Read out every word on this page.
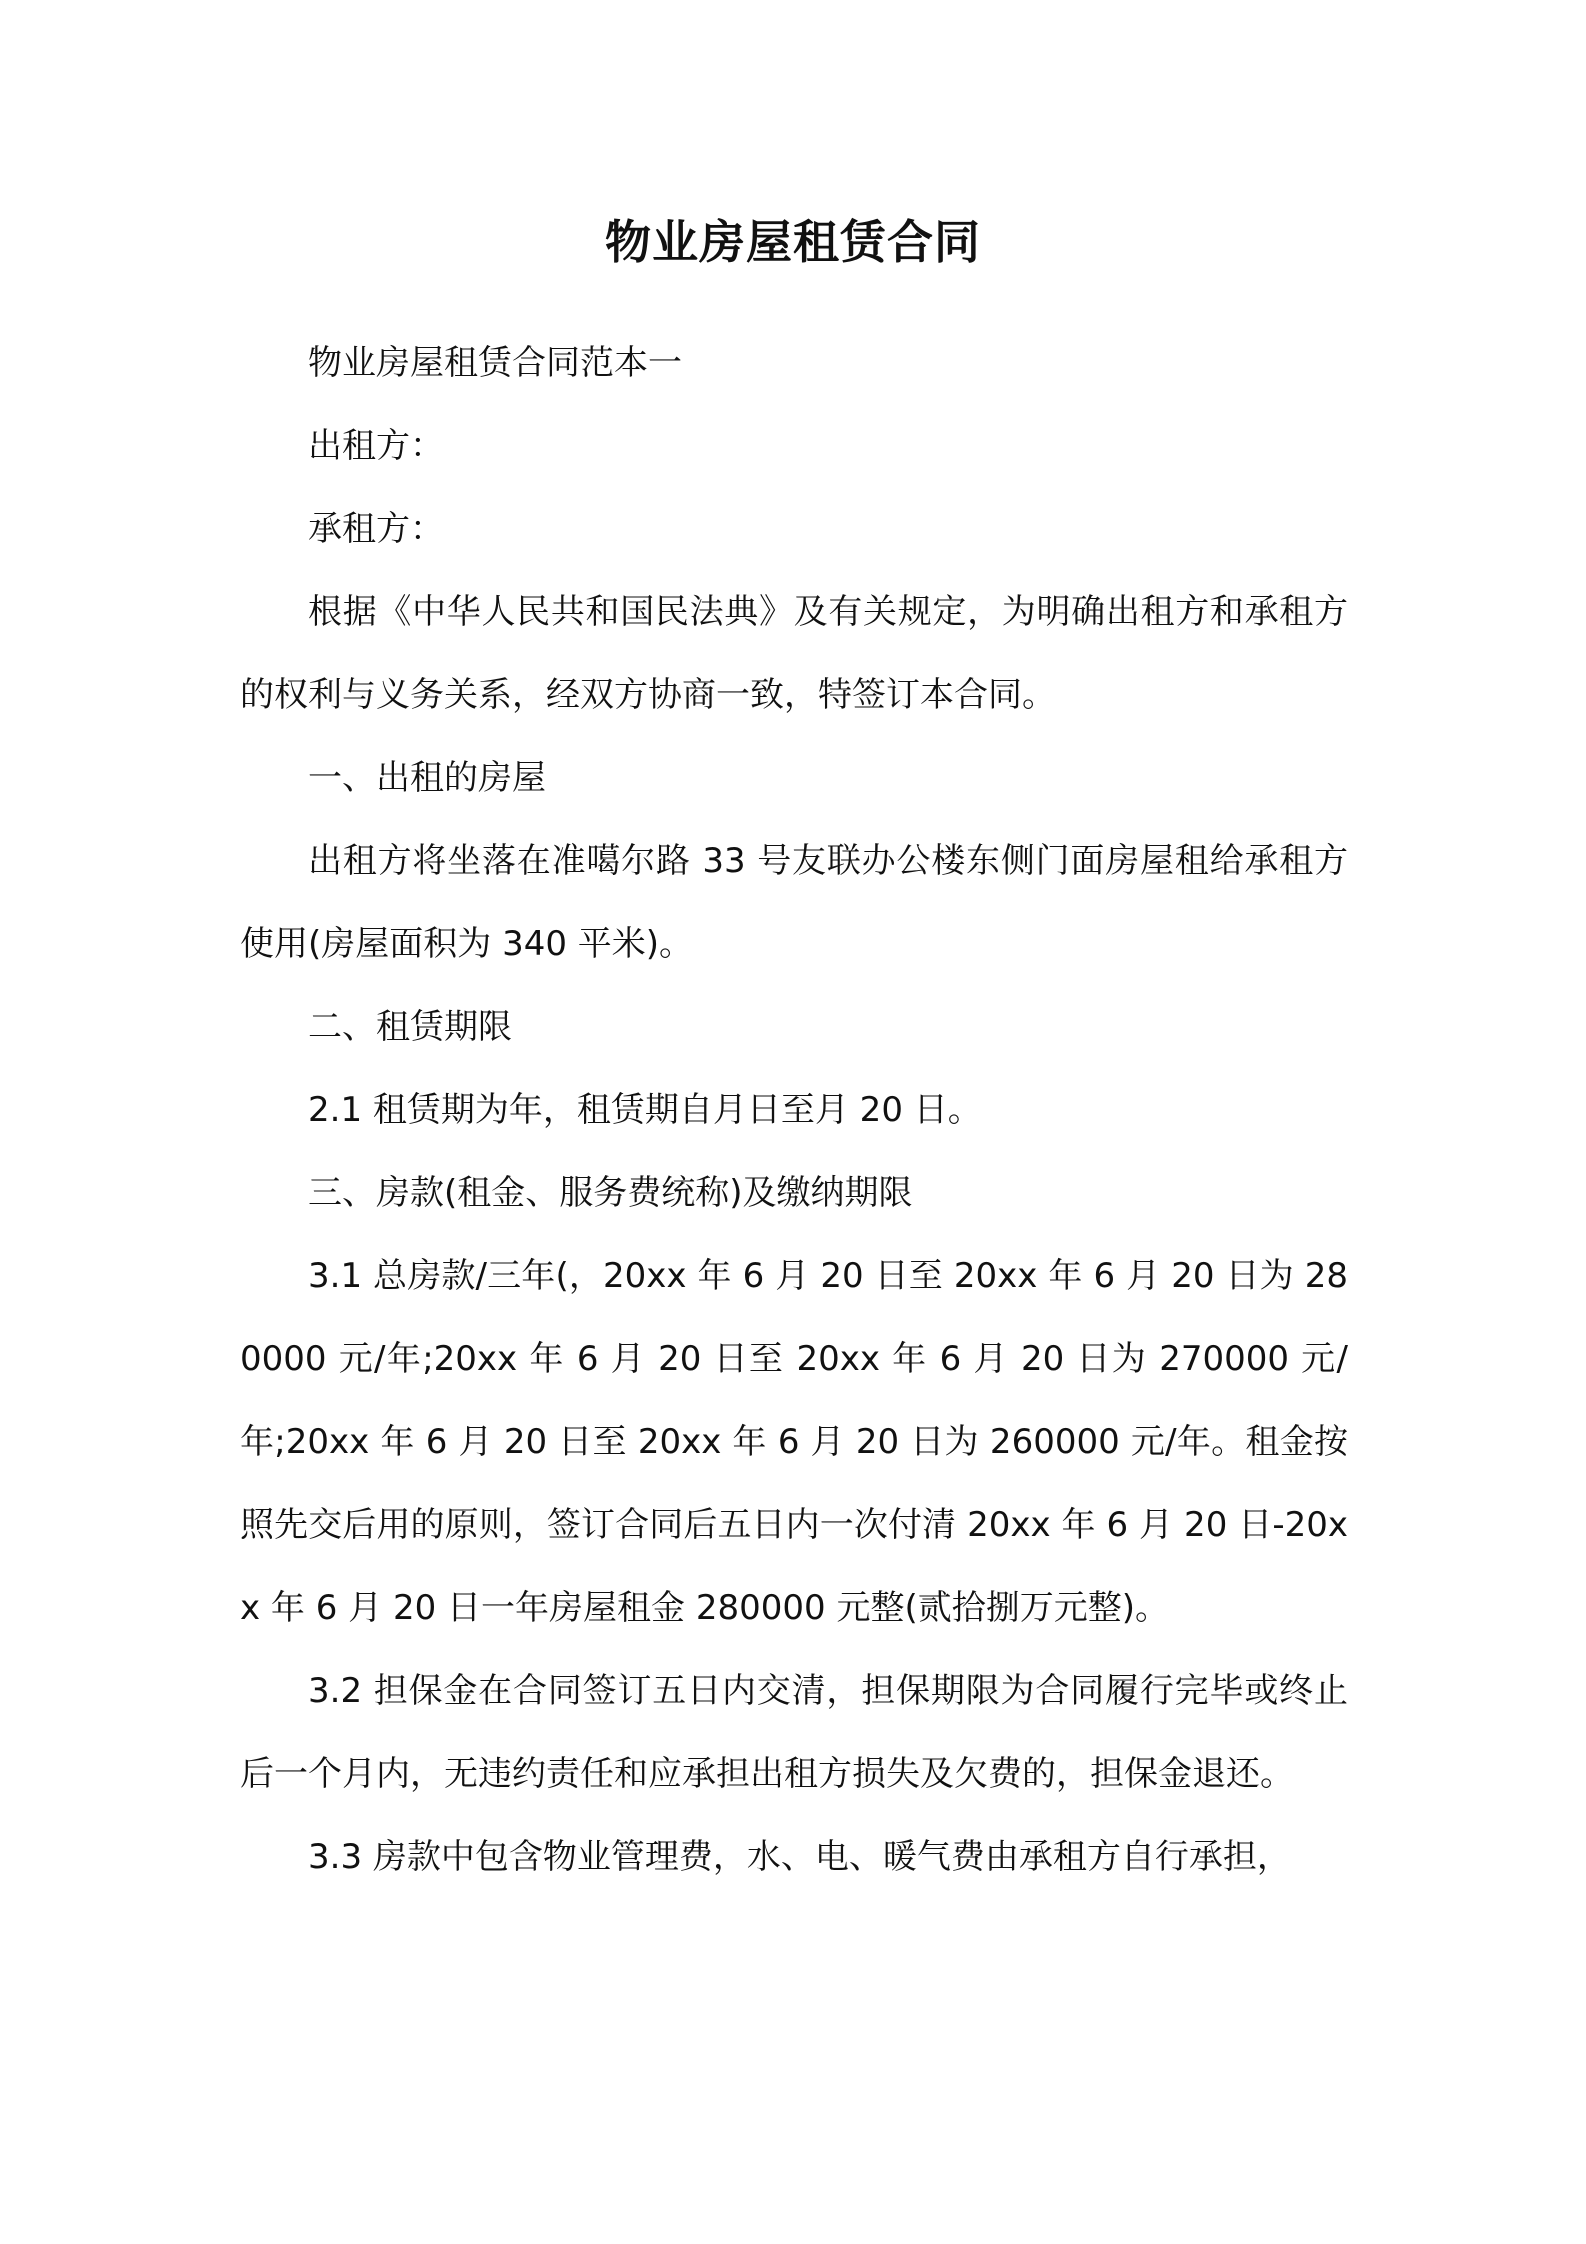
物业房屋租赁合同

物业房屋租赁合同范本一

出租方：

承租方：

根据《中华人民共和国民法典》及有关规定，为明确出租方和承租方的权利与义务关系，经双方协商一致，特签订本合同。

一、出租的房屋

出租方将坐落在准噶尔路 33 号友联办公楼东侧门面房屋租给承租方使用(房屋面积为 340 平米)。

二、租赁期限

2.1 租赁期为年，租赁期自月日至月 20 日。

三、房款(租金、服务费统称)及缴纳期限

3.1 总房款/三年(，20xx 年 6 月 20 日至 20xx 年 6 月 20 日为 280000 元/年;20xx 年 6 月 20 日至 20xx 年 6 月 20 日为 270000 元/年;20xx 年 6 月 20 日至 20xx 年 6 月 20 日为 260000 元/年。租金按照先交后用的原则，签订合同后五日内一次付清 20xx 年 6 月 20 日-20xx 年 6 月 20 日一年房屋租金 280000 元整(贰拾捌万元整)。

3.2 担保金在合同签订五日内交清，担保期限为合同履行完毕或终止后一个月内，无违约责任和应承担出租方损失及欠费的，担保金退还。

3.3 房款中包含物业管理费，水、电、暖气费由承租方自行承担，
